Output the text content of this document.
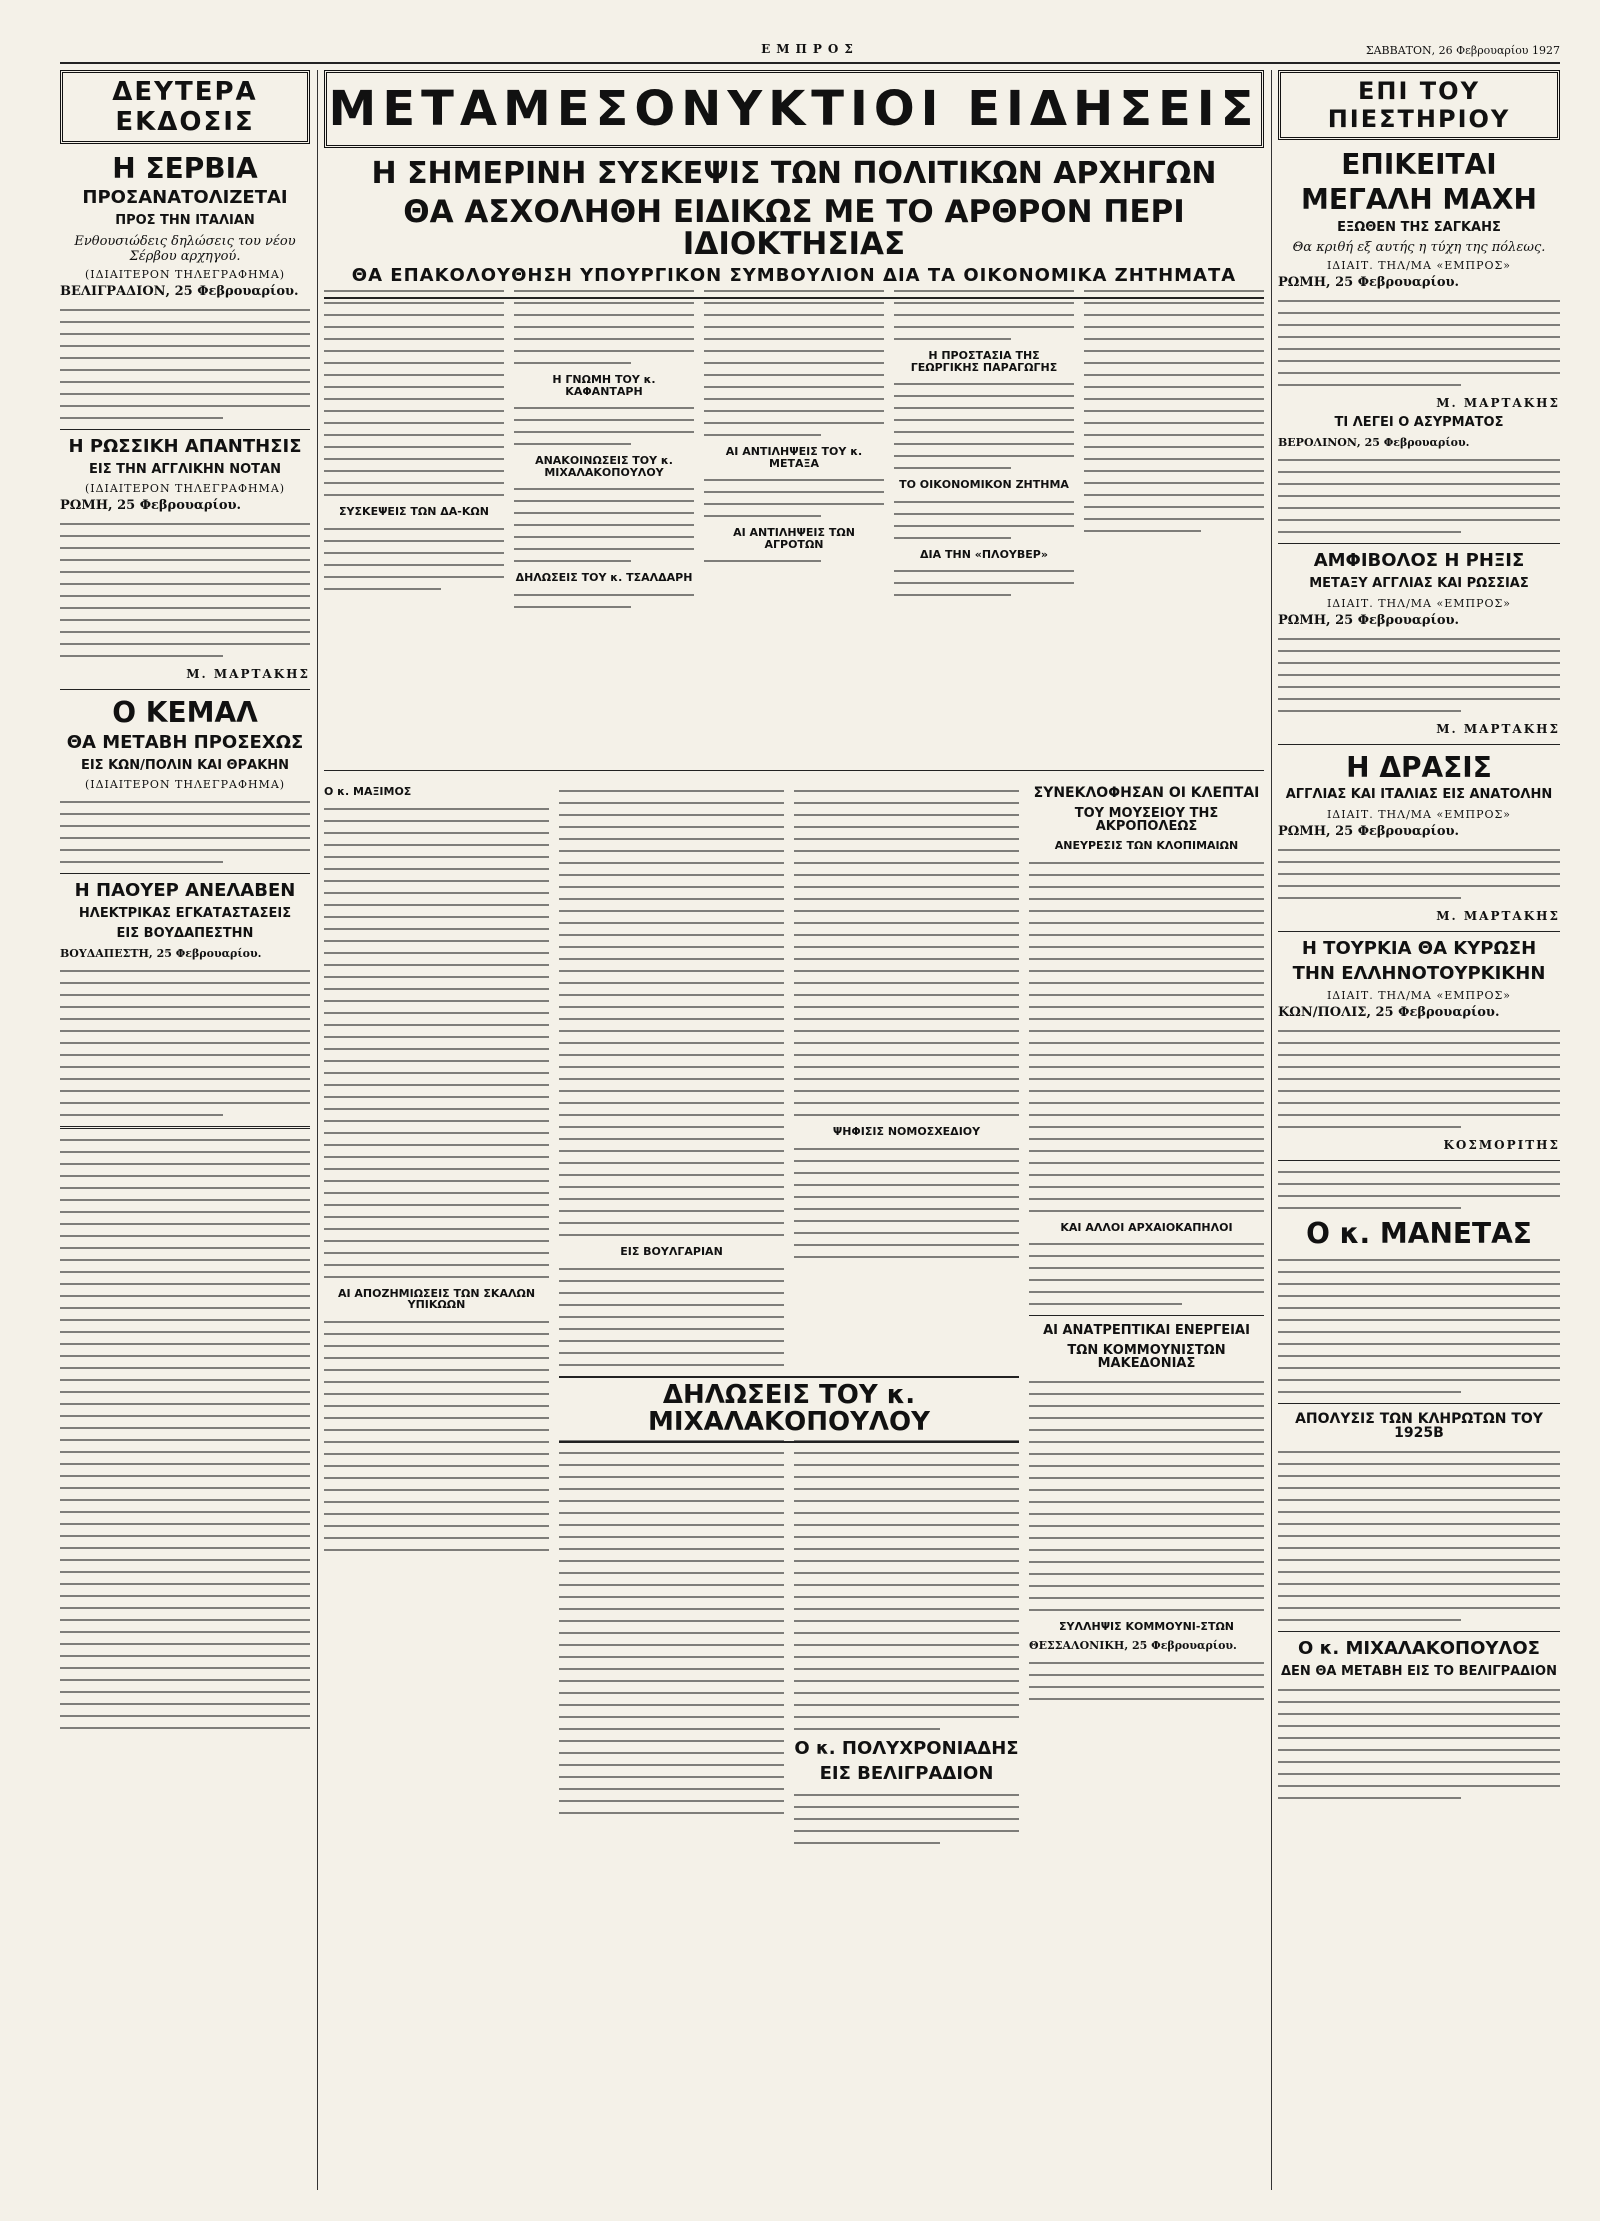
ΕΜΠΡΟΣ	ΣΑΒΒΑΤΟΝ, 26 Φεβρουαρίου 1927
ΔΕΥΤΕΡΑ ΕΚΔΟΣΙΣ
Η ΣΕΡΒΙΑ
ΠΡΟΣΑΝΑΤΟΛΙΖΕΤΑΙ
ΠΡΟΣ ΤΗΝ ΙΤΑΛΙΑΝ
Ενθουσιώδεις δηλώσεις του νέου Σέρβου αρχηγού.
(ΙΔΙΑΙΤΕΡΟΝ ΤΗΛΕΓΡΑΦΗΜΑ)
ΒΕΛΙΓΡΑΔΙΟΝ, 25 Φεβρουαρίου.
Η ΡΩΣΣΙΚΗ ΑΠΑΝΤΗΣΙΣ
ΕΙΣ ΤΗΝ ΑΓΓΛΙΚΗΝ ΝΟΤΑΝ
(ΙΔΙΑΙΤΕΡΟΝ ΤΗΛΕΓΡΑΦΗΜΑ)
ΡΩΜΗ, 25 Φεβρουαρίου.
Μ. ΜΑΡΤΑΚΗΣ
Ο ΚΕΜΑΛ
ΘΑ ΜΕΤΑΒΗ ΠΡΟΣΕΧΩΣ
ΕΙΣ ΚΩΝ/ΠΟΛΙΝ ΚΑΙ ΘΡΑΚΗΝ
(ΙΔΙΑΙΤΕΡΟΝ ΤΗΛΕΓΡΑΦΗΜΑ)
Η ΠΑΟΥΕΡ ΑΝΕΛΑΒΕΝ
ΗΛΕΚΤΡΙΚΑΣ ΕΓΚΑΤΑΣΤΑΣΕΙΣ
ΕΙΣ ΒΟΥΔΑΠΕΣΤΗΝ
ΒΟΥΔΑΠΕΣΤΗ, 25 Φεβρουαρίου.
ΜΕΤΑΜΕΣΟΝΥΚΤΙΟΙ ΕΙΔΗΣΕΙΣ
Η ΣΗΜΕΡΙΝΗ ΣΥΣΚΕΨΙΣ ΤΩΝ ΠΟΛΙΤΙΚΩΝ ΑΡΧΗΓΩΝ
ΘΑ ΑΣΧΟΛΗΘΗ ΕΙΔΙΚΩΣ ΜΕ ΤΟ ΑΡΘΡΟΝ ΠΕΡΙ ΙΔΙΟΚΤΗΣΙΑΣ
ΘΑ ΕΠΑΚΟΛΟΥΘΗΣΗ ΥΠΟΥΡΓΙΚΟΝ ΣΥΜΒΟΥΛΙΟΝ ΔΙΑ ΤΑ ΟΙΚΟΝΟΜΙΚΑ ΖΗΤΗΜΑΤΑ
ΣΥΣΚΕΨΕΙΣ ΤΩΝ ΔΑ-ΚΩΝ
Η ΓΝΩΜΗ ΤΟΥ κ. ΚΑΦΑΝΤΑΡΗ
ΑΝΑΚΟΙΝΩΣΕΙΣ ΤΟΥ κ. ΜΙΧΑΛΑΚΟΠΟΥΛΟΥ
ΔΗΛΩΣΕΙΣ ΤΟΥ κ. ΤΣΑΛΔΑΡΗ
ΑΙ ΑΝΤΙΛΗΨΕΙΣ ΤΟΥ κ. ΜΕΤΑΞΑ
ΑΙ ΑΝΤΙΛΗΨΕΙΣ ΤΩΝ ΑΓΡΟΤΩΝ
Η ΠΡΟΣΤΑΣΙΑ ΤΗΣ ΓΕΩΡΓΙΚΗΣ ΠΑΡΑΓΩΓΗΣ
ΤΟ ΟΙΚΟΝΟΜΙΚΟΝ ΖΗΤΗΜΑ
ΔΙΑ ΤΗΝ «ΠΛΟΥΒΕΡ»
Ο κ. ΜΑΞΙΜΟΣ
ΑΙ ΑΠΟΖΗΜΙΩΣΕΙΣ ΤΩΝ ΣΚΑΛΩΝ ΥΠΙΚΩΩΝ
ΕΙΣ ΒΟΥΛΓΑΡΙΑΝ
ΨΗΦΙΣΙΣ ΝΟΜΟΣΧΕΔΙΟΥ
ΔΗΛΩΣΕΙΣ ΤΟΥ κ. ΜΙΧΑΛΑΚΟΠΟΥΛΟΥ
Ο κ. ΠΟΛΥΧΡΟΝΙΑΔΗΣ
ΕΙΣ ΒΕΛΙΓΡΑΔΙΟΝ
ΣΥΝΕΚΛΟΦΗΣΑΝ ΟΙ ΚΛΕΠΤΑΙ
ΤΟΥ ΜΟΥΣΕΙΟΥ ΤΗΣ ΑΚΡΟΠΟΛΕΩΣ
ΑΝΕΥΡΕΣΙΣ ΤΩΝ ΚΛΟΠΙΜΑΙΩΝ
ΚΑΙ ΑΛΛΟΙ ΑΡΧΑΙΟΚΑΠΗΛΟΙ
ΑΙ ΑΝΑΤΡΕΠΤΙΚΑΙ ΕΝΕΡΓΕΙΑΙ
ΤΩΝ ΚΟΜΜΟΥΝΙΣΤΩΝ ΜΑΚΕΔΟΝΙΑΣ
ΣΥΛΛΗΨΙΣ ΚΟΜΜΟΥΝΙ-ΣΤΩΝ
ΘΕΣΣΑΛΟΝΙΚΗ, 25 Φεβρουαρίου.
ΕΠΙ ΤΟΥ ΠΙΕΣΤΗΡΙΟΥ
ΕΠΙΚΕΙΤΑΙ
ΜΕΓΑΛΗ ΜΑΧΗ
ΕΞΩΘΕΝ ΤΗΣ ΣΑΓΚΑΗΣ
Θα κριθή εξ αυτής η τύχη της πόλεως.
ΙΔΙΑΙΤ. ΤΗΛ/ΜΑ «ΕΜΠΡΟΣ»
ΡΩΜΗ, 25 Φεβρουαρίου.
Μ. ΜΑΡΤΑΚΗΣ
ΤΙ ΛΕΓΕΙ Ο ΑΣΥΡΜΑΤΟΣ
ΒΕΡΟΛΙΝΟΝ, 25 Φεβρουαρίου.
ΑΜΦΙΒΟΛΟΣ Η ΡΗΞΙΣ
ΜΕΤΑΞΥ ΑΓΓΛΙΑΣ ΚΑΙ ΡΩΣΣΙΑΣ
ΙΔΙΑΙΤ. ΤΗΛ/ΜΑ «ΕΜΠΡΟΣ»
ΡΩΜΗ, 25 Φεβρουαρίου.
Μ. ΜΑΡΤΑΚΗΣ
Η ΔΡΑΣΙΣ
ΑΓΓΛΙΑΣ ΚΑΙ ΙΤΑΛΙΑΣ ΕΙΣ ΑΝΑΤΟΛΗΝ
ΙΔΙΑΙΤ. ΤΗΛ/ΜΑ «ΕΜΠΡΟΣ»
ΡΩΜΗ, 25 Φεβρουαρίου.
Μ. ΜΑΡΤΑΚΗΣ
Η ΤΟΥΡΚΙΑ ΘΑ ΚΥΡΩΣΗ
ΤΗΝ ΕΛΛΗΝΟΤΟΥΡΚΙΚΗΝ
ΙΔΙΑΙΤ. ΤΗΛ/ΜΑ «ΕΜΠΡΟΣ»
ΚΩΝ/ΠΟΛΙΣ, 25 Φεβρουαρίου.
ΚΟΣΜΟΡΙΤΗΣ
Ο κ. ΜΑΝΕΤΑΣ
ΑΠΟΛΥΣΙΣ ΤΩΝ ΚΛΗΡΩΤΩΝ ΤΟΥ 1925Β
Ο κ. ΜΙΧΑΛΑΚΟΠΟΥΛΟΣ
ΔΕΝ ΘΑ ΜΕΤΑΒΗ ΕΙΣ ΤΟ ΒΕΛΙΓΡΑΔΙΟΝ
